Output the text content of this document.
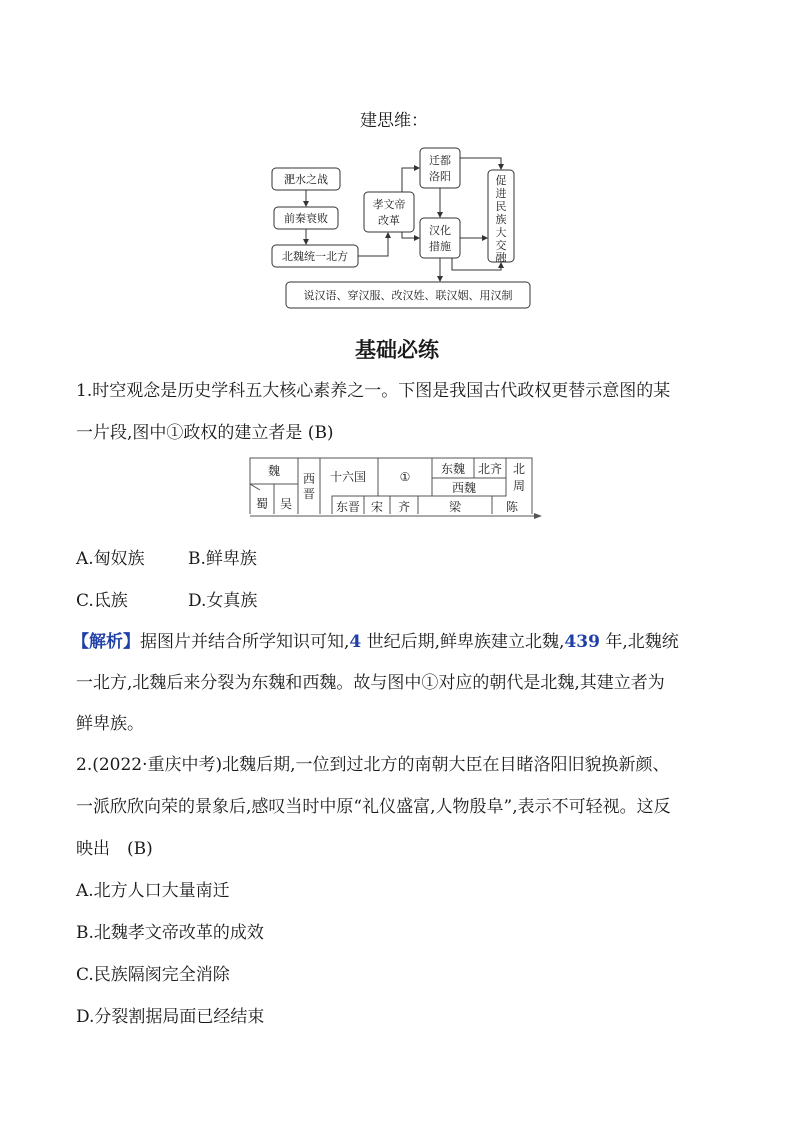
建思维：
淝水之战
前秦衰败
北魏统一北方
孝文帝
改革
迁都
洛阳
汉化
措施
促
进
民
族
大
交
融
说汉语、穿汉服、改汉姓、联汉姻、用汉制
基础必练
1.时空观念是历史学科五大核心素养之一。下图是我国古代政权更替示意图的某
一片段,图中①政权的建立者是 (B)
魏
蜀 吴
西
晋
十六国	①
东魏 北齐 北
周
西魏
东晋 宋 齐	梁	陈
A.匈奴族	B.鲜卑族
C.氐族	D.女真族
【解析】据图片并结合所学知识可知,4 世纪后期,鲜卑族建立北魏,439 年,北魏统
一北方,北魏后来分裂为东魏和西魏。故与图中①对应的朝代是北魏,其建立者为
鲜卑族。
2.(2022·重庆中考)北魏后期,一位到过北方的南朝大臣在目睹洛阳旧貌换新颜、
一派欣欣向荣的景象后,感叹当时中原“礼仪盛富,人物殷阜”,表示不可轻视。这反
映出　(B)
A.北方人口大量南迁
B.北魏孝文帝改革的成效
C.民族隔阂完全消除
D.分裂割据局面已经结束
